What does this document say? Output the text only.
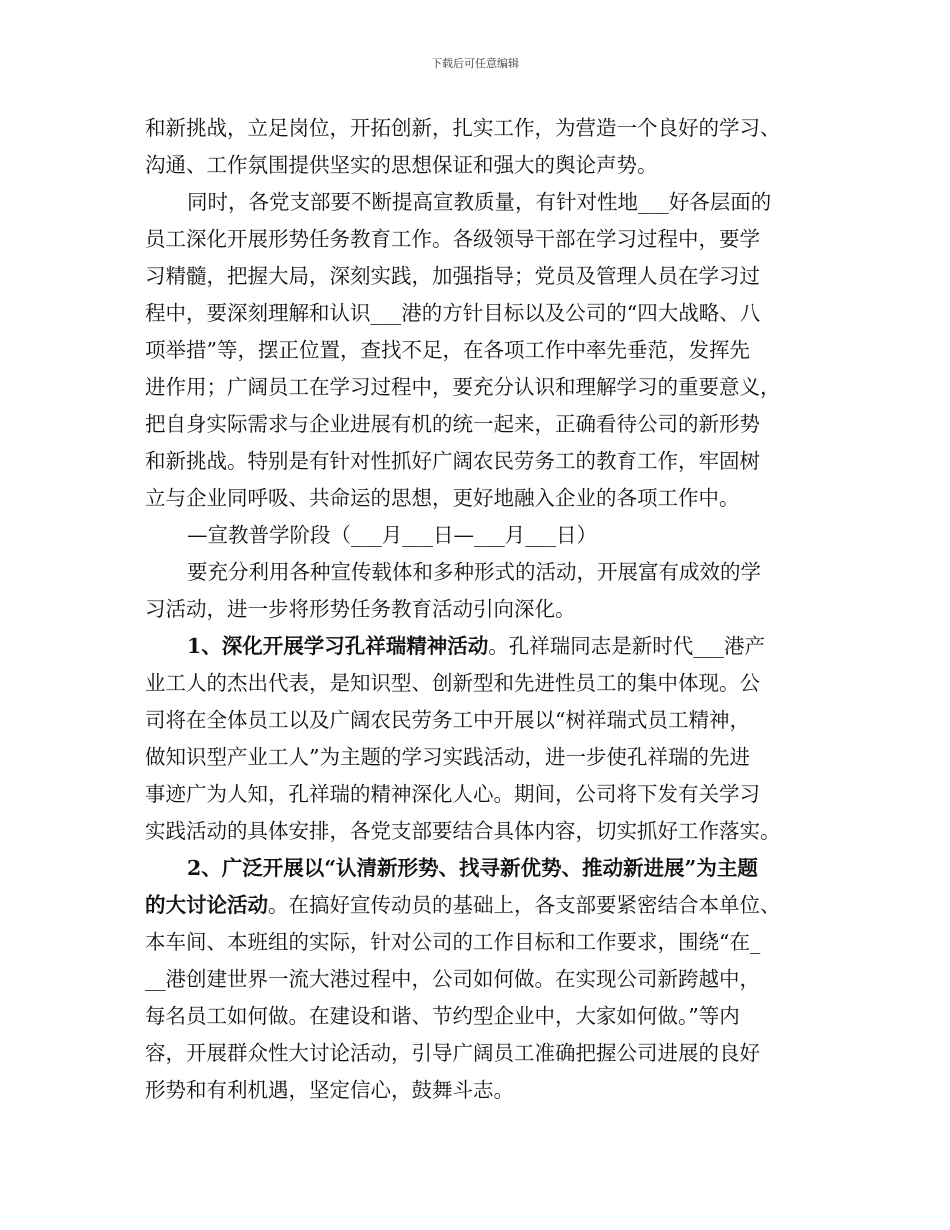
下载后可任意编辑
和新挑战，立足岗位，开拓创新，扎实工作，为营造一个良好的学习、
沟通、工作氛围提供坚实的思想保证和强大的舆论声势。
同时，各党支部要不断提高宣教质量，有针对性地___好各层面的
员工深化开展形势任务教育工作。各级领导干部在学习过程中，要学
习精髓，把握大局，深刻实践，加强指导；党员及管理人员在学习过
程中，要深刻理解和认识___港的方针目标以及公司的“四大战略、八
项举措”等，摆正位置，查找不足，在各项工作中率先垂范，发挥先
进作用；广阔员工在学习过程中，要充分认识和理解学习的重要意义，
把自身实际需求与企业进展有机的统一起来，正确看待公司的新形势
和新挑战。特别是有针对性抓好广阔农民劳务工的教育工作，牢固树
立与企业同呼吸、共命运的思想，更好地融入企业的各项工作中。
—宣教普学阶段（___月___日—___月___日）
要充分利用各种宣传载体和多种形式的活动，开展富有成效的学
习活动，进一步将形势任务教育活动引向深化。
1、深化开展学习孔祥瑞精神活动。孔祥瑞同志是新时代___港产
业工人的杰出代表，是知识型、创新型和先进性员工的集中体现。公
司将在全体员工以及广阔农民劳务工中开展以“树祥瑞式员工精神，
做知识型产业工人”为主题的学习实践活动，进一步使孔祥瑞的先进
事迹广为人知，孔祥瑞的精神深化人心。期间，公司将下发有关学习
实践活动的具体安排，各党支部要结合具体内容，切实抓好工作落实。
2、广泛开展以“认清新形势、找寻新优势、推动新进展”为主题
的大讨论活动。在搞好宣传动员的基础上，各支部要紧密结合本单位、
本车间、本班组的实际，针对公司的工作目标和工作要求，围绕“在_
__港创建世界一流大港过程中，公司如何做。在实现公司新跨越中，
每名员工如何做。在建设和谐、节约型企业中，大家如何做。”等内
容，开展群众性大讨论活动，引导广阔员工准确把握公司进展的良好
形势和有利机遇，坚定信心，鼓舞斗志。
